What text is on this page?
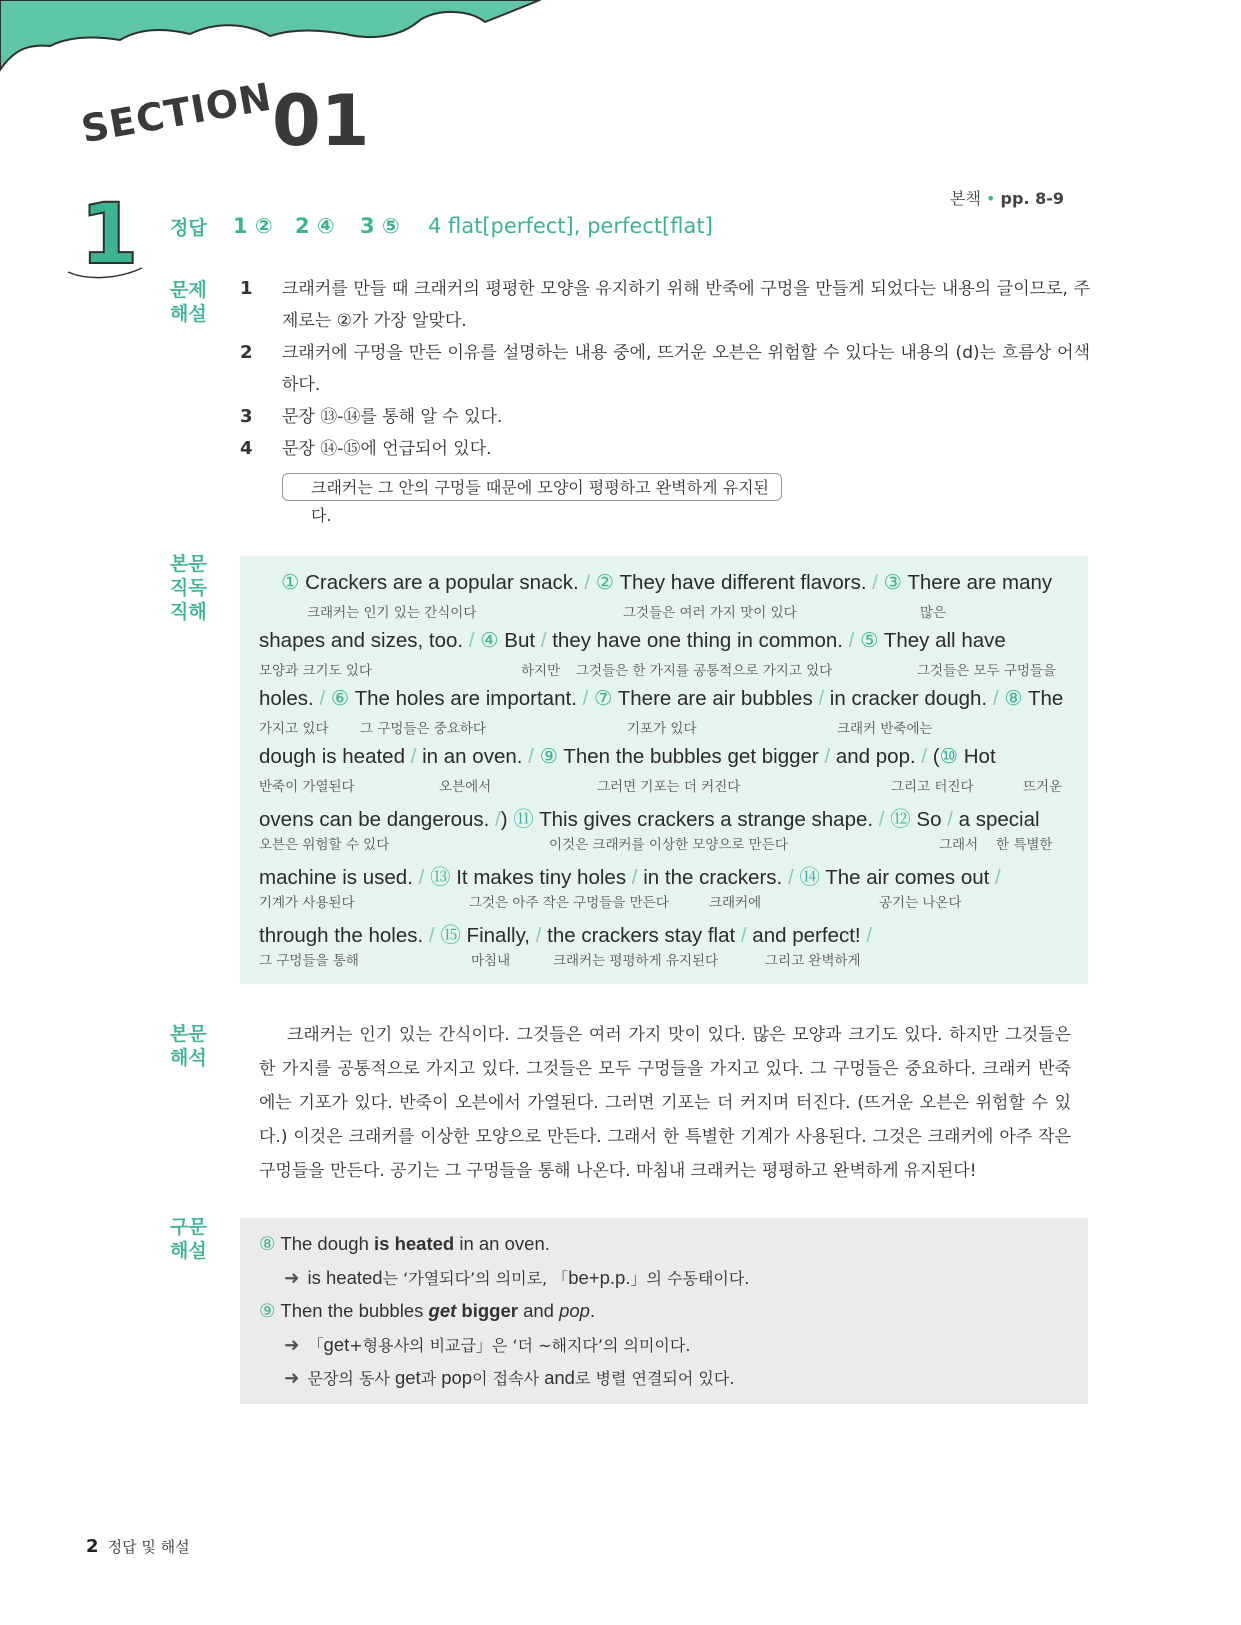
SECTION
01
본책 • pp. 8-9
1 정답	1 ② 2 ④ 3 ⑤ 4 flat[perfect], perfect[flat]
문제
해설
1 크래커를 만들 때 크래커의 평평한 모양을 유지하기 위해 반죽에 구멍을 만들게 되었다는 내용의 글이므로, 주제로는 ②가 가장 알맞다.
2 크래커에 구멍을 만든 이유를 설명하는 내용 중에, 뜨거운 오븐은 위험할 수 있다는 내용의 (d)는 흐름상 어색하다.
3 문장 ⑬-⑭를 통해 알 수 있다.
4 문장 ⑭-⑮에 언급되어 있다.
크래커는 그 안의 구멍들 때문에 모양이 평평하고 완벽하게 유지된다.
본문
직독
직해
① Crackers are a popular snack. / ② They have different flavors. / ③ There are many
크래커는 인기 있는 간식이다	그것들은 여러 가지 맛이 있다	많은
shapes and sizes, too. / ④ But / they have one thing in common. / ⑤ They all have
모양과 크기도 있다	하지만 그것들은 한 가지를 공통적으로 가지고 있다	그것들은 모두 구멍들을
holes. / ⑥ The holes are important. / ⑦ There are air bubbles / in cracker dough. / ⑧ The
가지고 있다 그 구멍들은 중요하다	기포가 있다	크래커 반죽에는
dough is heated / in an oven. / ⑨ Then the bubbles get bigger / and pop. / (⑩ Hot
반죽이 가열된다	오븐에서	그러면 기포는 더 커진다	그리고 터진다	뜨거운
ovens can be dangerous. /) ⑪ This gives crackers a strange shape. / ⑫ So / a special
오븐은 위험할 수 있다	이것은 크래커를 이상한 모양으로 만든다	그래서 한 특별한
machine is used. / ⑬ It makes tiny holes / in the crackers. / ⑭ The air comes out /
기계가 사용된다	그것은 아주 작은 구멍들을 만든다	크래커에	공기는 나온다
through the holes. / ⑮ Finally, / the crackers stay flat / and perfect! /
그 구멍들을 통해	마침내	크래커는 평평하게 유지된다	그리고 완벽하게
본문
해석
크래커는 인기 있는 간식이다. 그것들은 여러 가지 맛이 있다. 많은 모양과 크기도 있다. 하지만 그것들은 한 가지를 공통적으로 가지고 있다. 그것들은 모두 구멍들을 가지고 있다. 그 구멍들은 중요하다. 크래커 반죽에는 기포가 있다. 반죽이 오븐에서 가열된다. 그러면 기포는 더 커지며 터진다. (뜨거운 오븐은 위험할 수 있다.) 이것은 크래커를 이상한 모양으로 만든다. 그래서 한 특별한 기계가 사용된다. 그것은 크래커에 아주 작은 구멍들을 만든다. 공기는 그 구멍들을 통해 나온다. 마침내 크래커는 평평하고 완벽하게 유지된다!
구문
해설	⑧ The dough is heated in an oven.
➜ is heated는 ‘가열되다’의 의미로, 「be+p.p.」의 수동태이다.
⑨ Then the bubbles get bigger and pop.
➜ 「get+형용사의 비교급」은 ‘더 ~해지다’의 의미이다.
➜ 문장의 동사 get과 pop이 접속사 and로 병렬 연결되어 있다.
2 정답 및 해설
